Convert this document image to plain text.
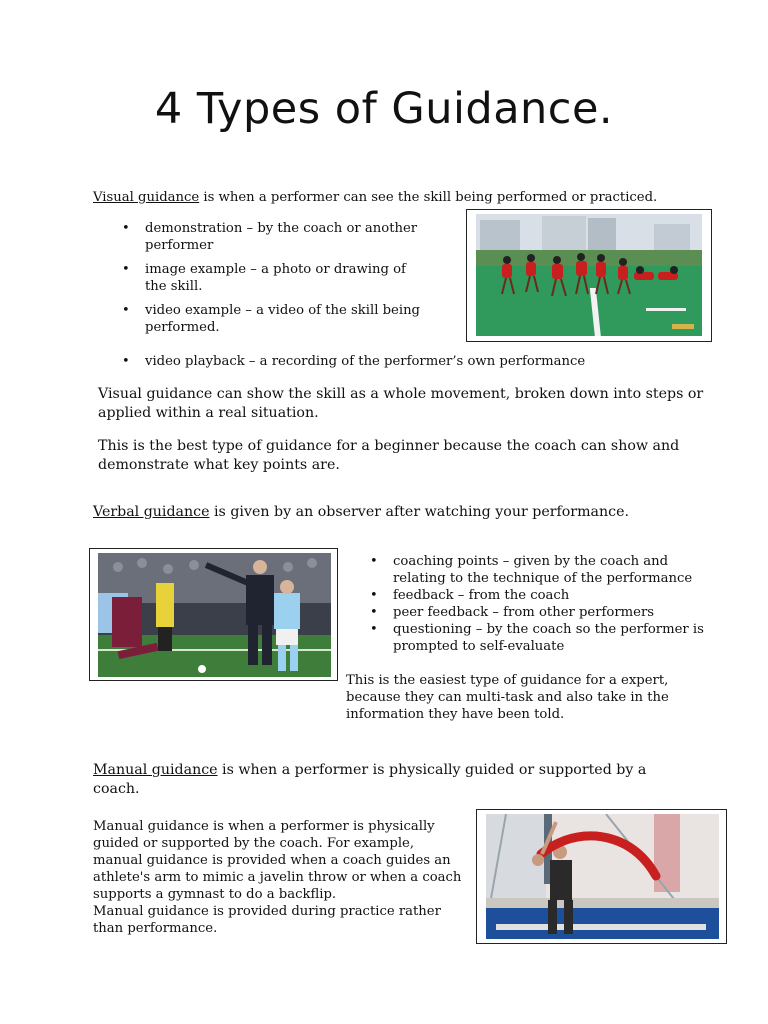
4 Types of Guidance.
Visual guidance is when a performer can see the skill being performed or practiced.
• demonstration – by the coach or another performer
• image example – a photo or drawing of the skill.
• video example – a video of the skill being performed.
• video playback – a recording of the performer’s own performance
Visual guidance can show the skill as a whole movement, broken down into steps or applied within a real situation.
This is the best type of guidance for a beginner because the coach can show and demonstrate what key points are.
Verbal guidance is given by an observer after watching your performance.
• coaching points – given by the coach and relating to the technique of the performance
• feedback – from the coach
• peer feedback – from other performers
• questioning – by the coach so the performer is prompted to self-evaluate
This is the easiest type of guidance for a expert, because they can multi-task and also take in the information they have been told.
Manual guidance is when a performer is physically guided or supported by a coach.
Manual guidance is when a performer is physically guided or supported by the coach. For example, manual guidance is provided when a coach guides an athlete's arm to mimic a javelin throw or when a coach supports a gymnast to do a backflip.
Manual guidance is provided during practice rather than performance.
